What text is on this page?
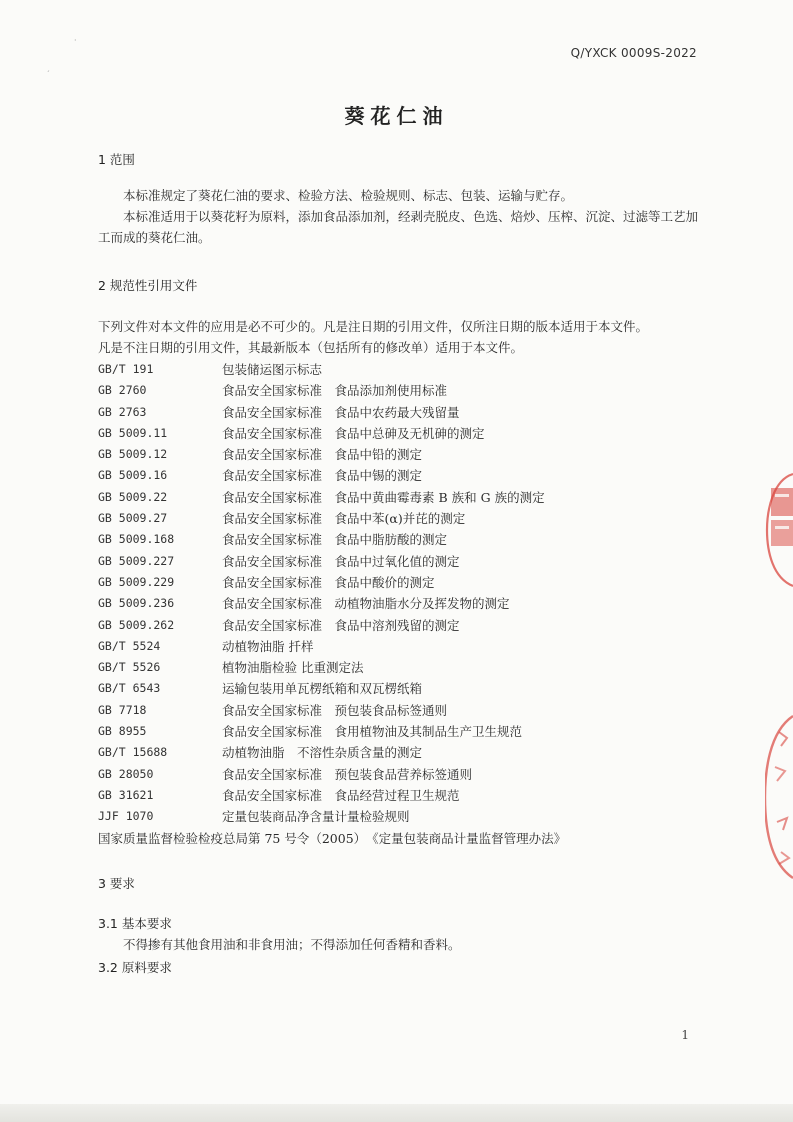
·
ˊ
Q/YXCK 0009S-2022
葵花仁油
1 范围

本标准规定了葵花仁油的要求、检验方法、检验规则、标志、包装、运输与贮存。

本标准适用于以葵花籽为原料，添加食品添加剂，经剥壳脱皮、色选、焙炒、压榨、沉淀、过滤等工艺加工而成的葵花仁油。

2 规范性引用文件

下列文件对本文件的应用是必不可少的。凡是注日期的引用文件，仅所注日期的版本适用于本文件。

凡是不注日期的引用文件，其最新版本（包括所有的修改单）适用于本文件。

GB/T 191	包装储运图示标志
GB 2760	食品安全国家标准　食品添加剂使用标准
GB 2763	食品安全国家标准　食品中农药最大残留量
GB 5009.11	食品安全国家标准　食品中总砷及无机砷的测定
GB 5009.12	食品安全国家标准　食品中铅的测定
GB 5009.16	食品安全国家标准　食品中锡的测定
GB 5009.22	食品安全国家标准　食品中黄曲霉毒素 B 族和 G 族的测定
GB 5009.27	食品安全国家标准　食品中苯(α)并芘的测定
GB 5009.168	食品安全国家标准　食品中脂肪酸的测定
GB 5009.227	食品安全国家标准　食品中过氧化值的测定
GB 5009.229	食品安全国家标准　食品中酸价的测定
GB 5009.236	食品安全国家标准　动植物油脂水分及挥发物的测定
GB 5009.262	食品安全国家标准　食品中溶剂残留的测定
GB/T 5524	动植物油脂 扦样
GB/T 5526	植物油脂检验 比重测定法
GB/T 6543	运输包装用单瓦楞纸箱和双瓦楞纸箱
GB 7718	食品安全国家标准　预包装食品标签通则
GB 8955	食品安全国家标准　食用植物油及其制品生产卫生规范
GB/T 15688	动植物油脂　不溶性杂质含量的测定
GB 28050	食品安全国家标准　预包装食品营养标签通则
GB 31621	食品安全国家标准　食品经营过程卫生规范
JJF 1070	定量包装商品净含量计量检验规则
国家质量监督检验检疫总局第 75 号令（2005）　《定量包装商品计量监督管理办法》
3 要求
3.1 基本要求
不得掺有其他食用油和非食用油；不得添加任何香精和香料。
3.2 原料要求
1
